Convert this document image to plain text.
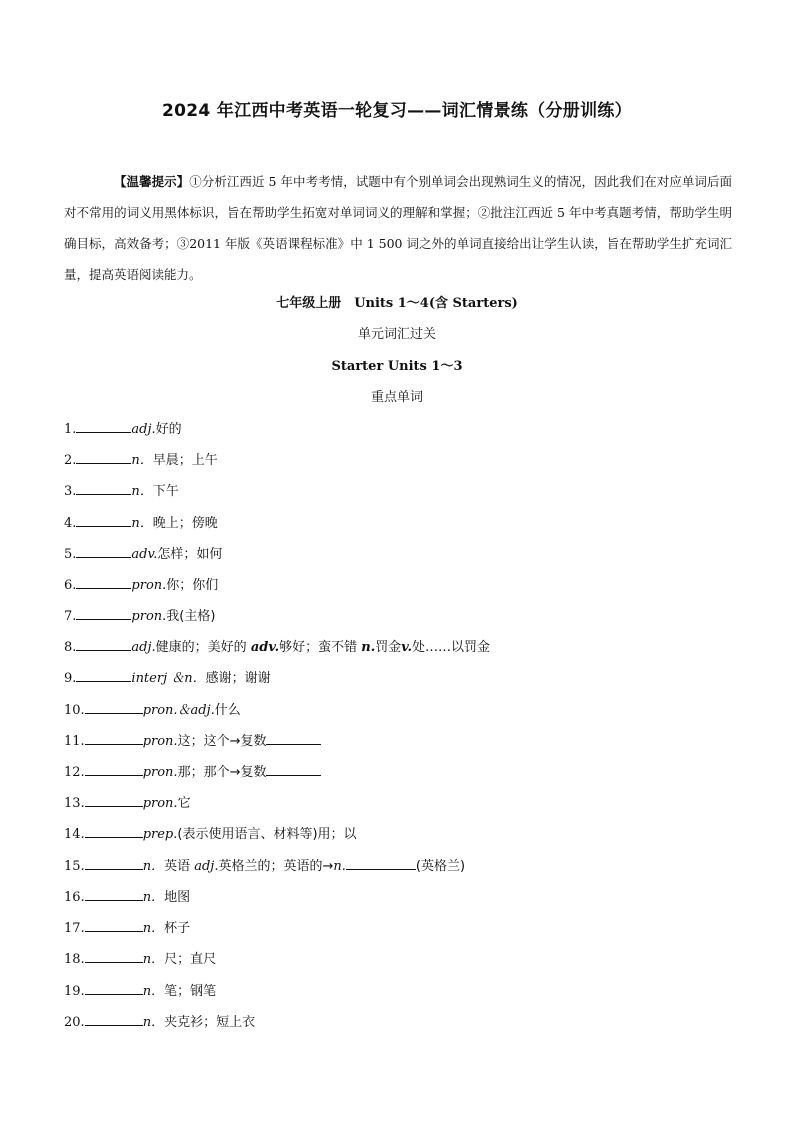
2024 年江西中考英语一轮复习——词汇情景练（分册训练）
【温馨提示】①分析江西近 5 年中考考情，试题中有个别单词会出现熟词生义的情况，因此我们在对应单词后面对不常用的词义用黑体标识，旨在帮助学生拓宽对单词词义的理解和掌握；②批注江西近 5 年中考真题考情，帮助学生明确目标，高效备考；③2011 年版《英语课程标准》中 1 500 词之外的单词直接给出让学生认读，旨在帮助学生扩充词汇量，提高英语阅读能力。
七年级上册　Units 1～4(含 Starters)
单元词汇过关
Starter Units 1～3
重点单词
1.	adj.好的
2.	n．早晨；上午
3.	n．下午
4.	n．晚上；傍晚
5.	adv.怎样；如何
6.	pron.你；你们
7.	pron.我(主格)
8.	adj.健康的；美好的 adv.够好；蛮不错 n.罚金v.处……以罚金
9.	interj ＆n．感谢；谢谢
10.	pron.＆adj.什么
11.	pron.这；这个→复数
12.	pron.那；那个→复数
13.	pron.它
14.	prep.(表示使用语言、材料等)用；以
15.	n．英语 adj.英格兰的；英语的→n.	(英格兰)
16.	n．地图
17.	n．杯子
18.	n．尺；直尺
19.	n．笔；钢笔
20.	n．夹克衫；短上衣
